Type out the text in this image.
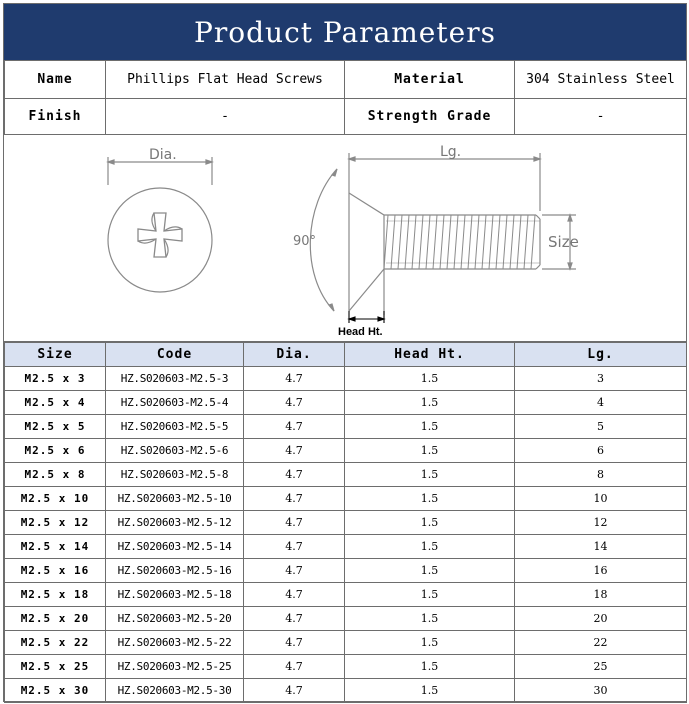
Product Parameters
Name	Phillips Flat Head Screws	Material	304 Stainless Steel
Finish	-	Strength Grade	-
Dia.	Lg.
90°	Size
Head Ht.
Size	Code	Dia.	Head Ht.	Lg.
M2.5 x 3	HZ.S020603-M2.5-3	4.7	1.5	3
M2.5 x 4	HZ.S020603-M2.5-4	4.7	1.5	4
M2.5 x 5	HZ.S020603-M2.5-5	4.7	1.5	5
M2.5 x 6	HZ.S020603-M2.5-6	4.7	1.5	6
M2.5 x 8	HZ.S020603-M2.5-8	4.7	1.5	8
M2.5 x 10	HZ.S020603-M2.5-10	4.7	1.5	10
M2.5 x 12	HZ.S020603-M2.5-12	4.7	1.5	12
M2.5 x 14	HZ.S020603-M2.5-14	4.7	1.5	14
M2.5 x 16	HZ.S020603-M2.5-16	4.7	1.5	16
M2.5 x 18	HZ.S020603-M2.5-18	4.7	1.5	18
M2.5 x 20	HZ.S020603-M2.5-20	4.7	1.5	20
M2.5 x 22	HZ.S020603-M2.5-22	4.7	1.5	22
M2.5 x 25	HZ.S020603-M2.5-25	4.7	1.5	25
M2.5 x 30	HZ.S020603-M2.5-30	4.7	1.5	30
